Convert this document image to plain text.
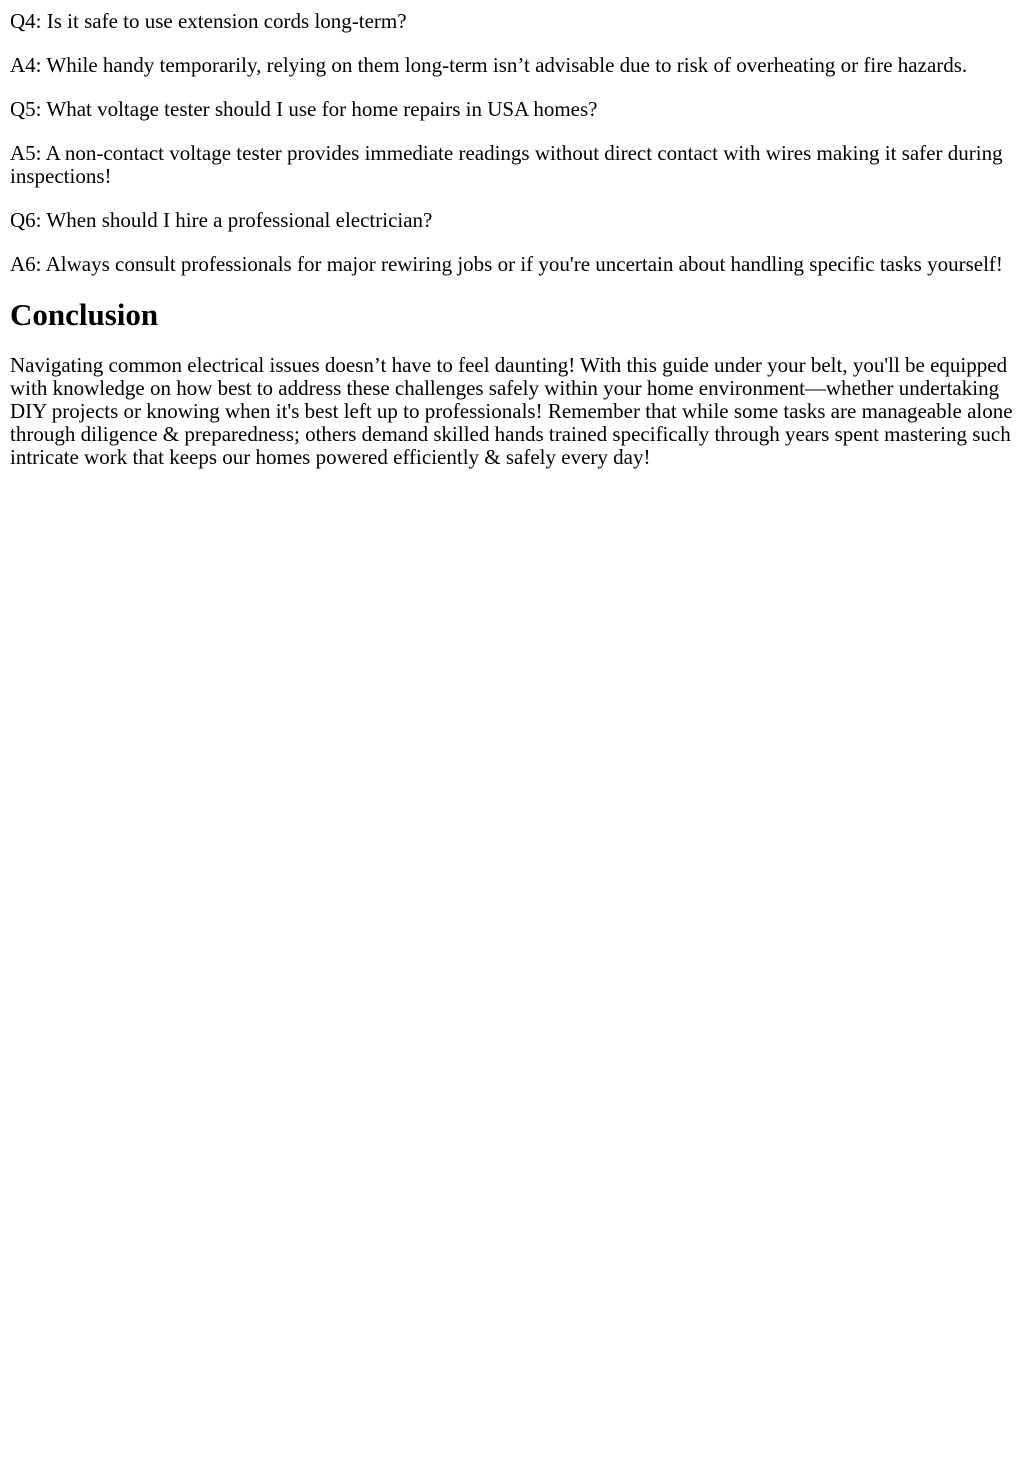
Q4: Is it safe to use extension cords long-term?

A4: While handy temporarily, relying on them long-term isn’t advisable due to risk of overheating or fire hazards.

Q5: What voltage tester should I use for home repairs in USA homes?

A5: A non-contact voltage tester provides immediate readings without direct contact with wires making it safer during inspections!

Q6: When should I hire a professional electrician?

A6: Always consult professionals for major rewiring jobs or if you're uncertain about handling specific tasks yourself!

Conclusion

Navigating common electrical issues doesn’t have to feel daunting! With this guide under your belt, you'll be equipped with knowledge on how best to address these challenges safely within your home environment—whether undertaking DIY projects or knowing when it's best left up to professionals! Remember that while some tasks are manageable alone through diligence & preparedness; others demand skilled hands trained specifically through years spent mastering such intricate work that keeps our homes powered efficiently & safely every day!
